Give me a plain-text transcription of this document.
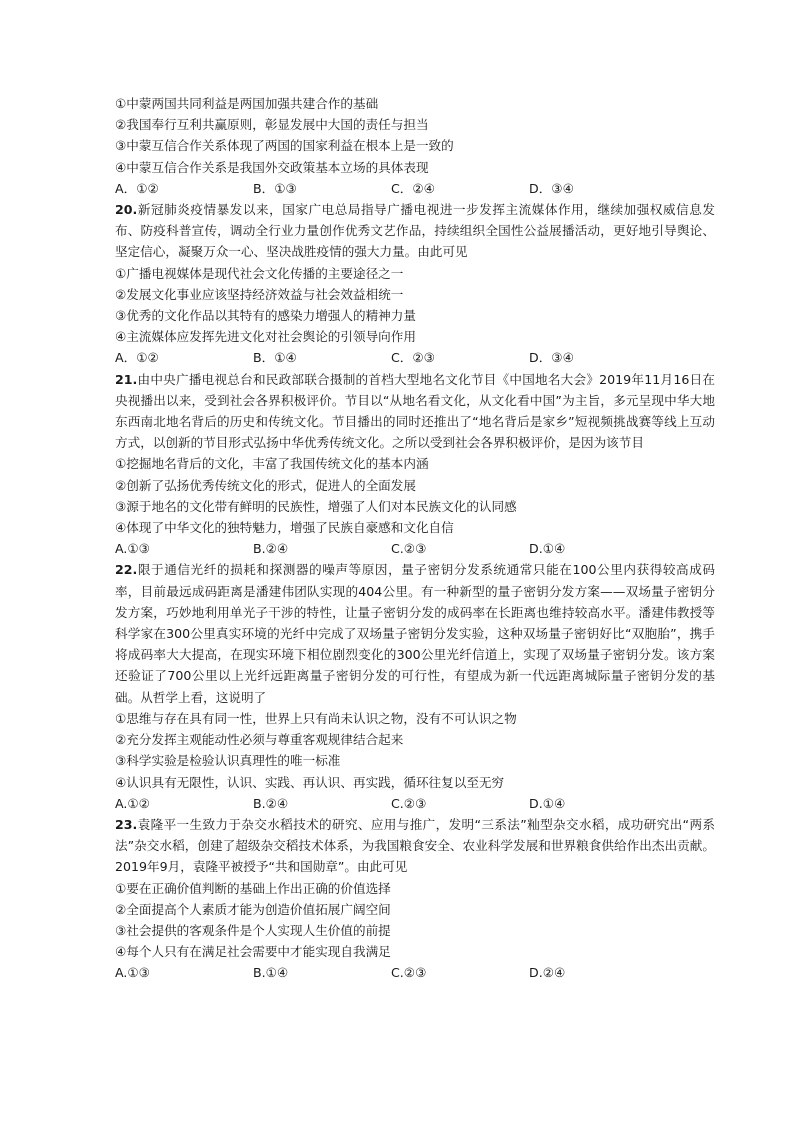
①中蒙两国共同利益是两国加强共建合作的基础
②我国奉行互利共赢原则，彰显发展中大国的责任与担当
③中蒙互信合作关系体现了两国的国家利益在根本上是一致的
④中蒙互信合作关系是我国外交政策基本立场的具体表现
A．①②	B．①③	C．②④	D．③④
20.新冠肺炎疫情暴发以来，国家广电总局指导广播电视进一步发挥主流媒体作用，继续加强权威信息发布、防疫科普宣传，调动全行业力量创作优秀文艺作品，持续组织全国性公益展播活动，更好地引导舆论、坚定信心，凝聚万众一心、坚决战胜疫情的强大力量。由此可见
①广播电视媒体是现代社会文化传播的主要途径之一
②发展文化事业应该坚持经济效益与社会效益相统一
③优秀的文化作品以其特有的感染力增强人的精神力量
④主流媒体应发挥先进文化对社会舆论的引领导向作用
A．①②	B．①④	C．②③	D．③④
21.由中央广播电视总台和民政部联合摄制的首档大型地名文化节目《中国地名大会》2019年11月16日在央视播出以来，受到社会各界积极评价。节目以“从地名看文化，从文化看中国”为主旨，多元呈现中华大地东西南北地名背后的历史和传统文化。节目播出的同时还推出了“地名背后是家乡”短视频挑战赛等线上互动方式，以创新的节目形式弘扬中华优秀传统文化。之所以受到社会各界积极评价，是因为该节目
①挖掘地名背后的文化，丰富了我国传统文化的基本内涵
②创新了弘扬优秀传统文化的形式，促进人的全面发展
③源于地名的文化带有鲜明的民族性，增强了人们对本民族文化的认同感
④体现了中华文化的独特魅力，增强了民族自豪感和文化自信
A.①③	B.②④	C.②③	D.①④
22.限于通信光纤的损耗和探测器的噪声等原因，量子密钥分发系统通常只能在100公里内获得较高成码率，目前最远成码距离是潘建伟团队实现的404公里。有一种新型的量子密钥分发方案——双场量子密钥分发方案，巧妙地利用单光子干涉的特性，让量子密钥分发的成码率在长距离也维持较高水平。潘建伟教授等科学家在300公里真实环境的光纤中完成了双场量子密钥分发实验，这种双场量子密钥好比“双胞胎”，携手将成码率大大提高，在现实环境下相位剧烈变化的300公里光纤信道上，实现了双场量子密钥分发。该方案还验证了700公里以上光纤远距离量子密钥分发的可行性，有望成为新一代远距离城际量子密钥分发的基础。从哲学上看，这说明了
①思维与存在具有同一性，世界上只有尚未认识之物，没有不可认识之物
②充分发挥主观能动性必须与尊重客观规律结合起来
③科学实验是检验认识真理性的唯一标准
④认识具有无限性，认识、实践、再认识、再实践，循环往复以至无穷
A.①②	B.②④	C.②③	D.①④
23.袁隆平一生致力于杂交水稻技术的研究、应用与推广，发明“三系法”籼型杂交水稻，成功研究出“两系法”杂交水稻，创建了超级杂交稻技术体系，为我国粮食安全、农业科学发展和世界粮食供给作出杰出贡献。2019年9月，袁隆平被授予“共和国勋章”。由此可见
①要在正确价值判断的基础上作出正确的价值选择
②全面提高个人素质才能为创造价值拓展广阔空间
③社会提供的客观条件是个人实现人生价值的前提
④每个人只有在满足社会需要中才能实现自我满足
A.①③	B.①④	C.②③	D.②④
